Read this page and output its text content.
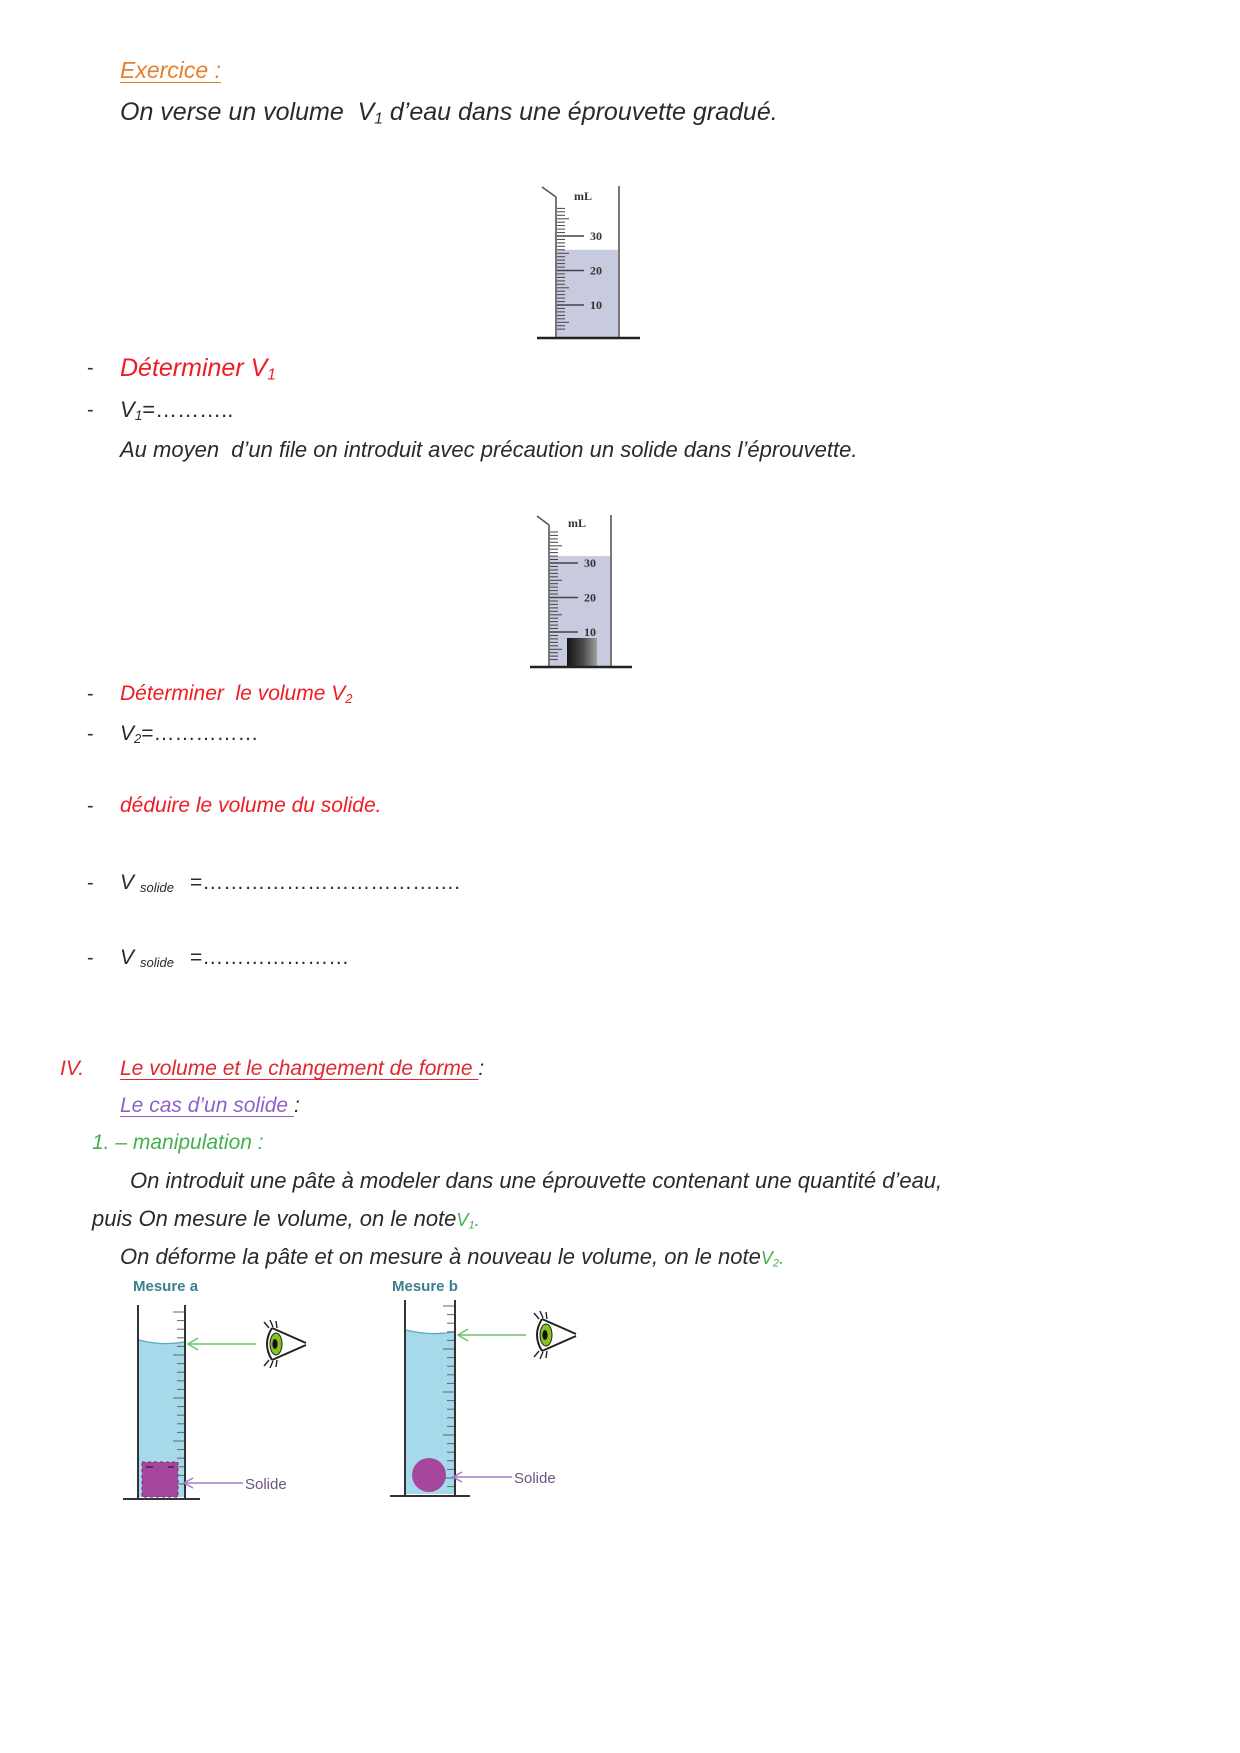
mL
30
20
10
mL
30
20
10
Mesure a
Solide
Mesure b
Solide
Exercice :
On verse un volume  $V_1$ d’eau dans une éprouvette gradué.
- Déterminer $V_1$
- $V_1=\dots\dots\dots$..
Au moyen  d’un file on introduit avec précaution un solide dans l’éprouvette.
- Déterminer  le volume $V_2$
- $V_2=\dots\dots\dots\dots\dots$
- déduire le volume du solide.
- V $_{solide}$ =……………………………….
- V $_{solide}$ =…………………
IV. Le volume et le changement de forme :
Le cas d’un solide :
1. – manipulation :
On introduit une pâte à modeler dans une éprouvette contenant une quantité d’eau,
puis On mesure le volume, on le noteV$_1$.
On déforme la pâte et on mesure à nouveau le volume, on le noteV$_2$.
